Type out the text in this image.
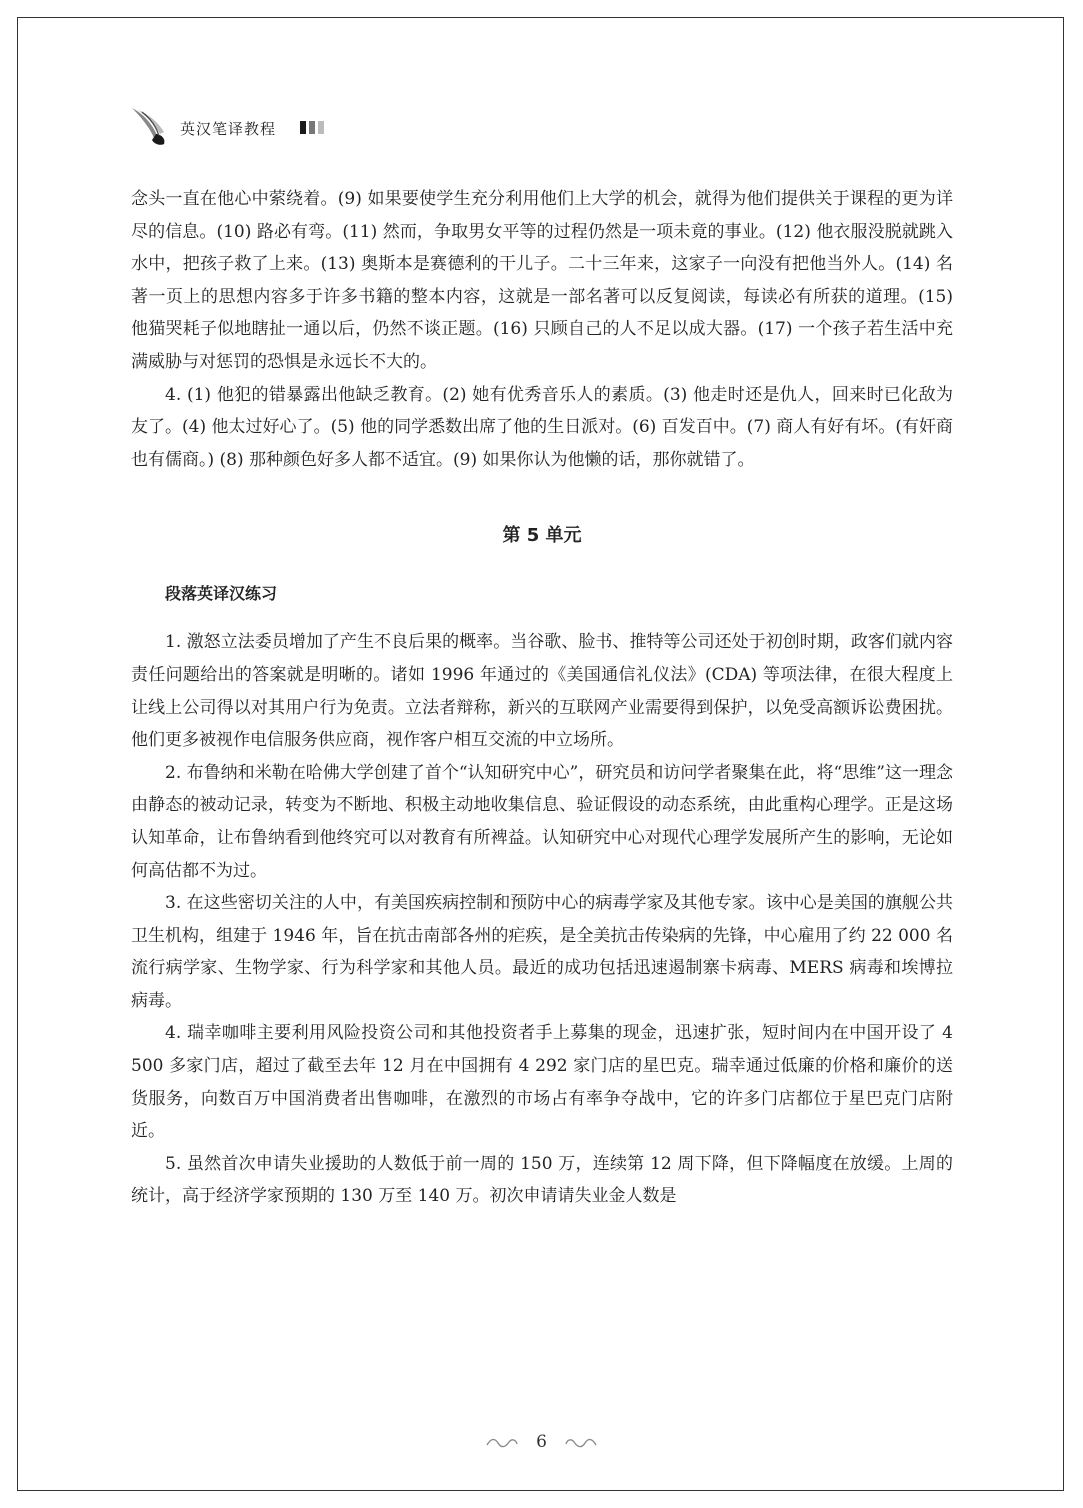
英汉笔译教程

念头一直在他心中萦绕着。(9) 如果要使学生充分利用他们上大学的机会，就得为他们提供关于课程的更为详尽的信息。(10) 路必有弯。(11) 然而，争取男女平等的过程仍然是一项未竟的事业。(12) 他衣服没脱就跳入水中，把孩子救了上来。(13) 奥斯本是赛德利的干儿子。二十三年来，这家子一向没有把他当外人。(14) 名著一页上的思想内容多于许多书籍的整本内容，这就是一部名著可以反复阅读，每读必有所获的道理。(15) 他猫哭耗子似地瞎扯一通以后，仍然不谈正题。(16) 只顾自己的人不足以成大器。(17) 一个孩子若生活中充满威胁与对惩罚的恐惧是永远长不大的。

4. (1) 他犯的错暴露出他缺乏教育。(2) 她有优秀音乐人的素质。(3) 他走时还是仇人，回来时已化敌为友了。(4) 他太过好心了。(5) 他的同学悉数出席了他的生日派对。(6) 百发百中。(7) 商人有好有坏。(有奸商也有儒商。) (8) 那种颜色好多人都不适宜。(9) 如果你认为他懒的话，那你就错了。

第 5 单元
段落英译汉练习

1. 激怒立法委员增加了产生不良后果的概率。当谷歌、脸书、推特等公司还处于初创时期，政客们就内容责任问题给出的答案就是明晰的。诸如 1996 年通过的《美国通信礼仪法》(CDA) 等项法律，在很大程度上让线上公司得以对其用户行为免责。立法者辩称，新兴的互联网产业需要得到保护，以免受高额诉讼费困扰。他们更多被视作电信服务供应商，视作客户相互交流的中立场所。

2. 布鲁纳和米勒在哈佛大学创建了首个“认知研究中心”，研究员和访问学者聚集在此，将“思维”这一理念由静态的被动记录，转变为不断地、积极主动地收集信息、验证假设的动态系统，由此重构心理学。正是这场认知革命，让布鲁纳看到他终究可以对教育有所裨益。认知研究中心对现代心理学发展所产生的影响，无论如何高估都不为过。

3. 在这些密切关注的人中，有美国疾病控制和预防中心的病毒学家及其他专家。该中心是美国的旗舰公共卫生机构，组建于 1946 年，旨在抗击南部各州的疟疾，是全美抗击传染病的先锋，中心雇用了约 22 000 名流行病学家、生物学家、行为科学家和其他人员。最近的成功包括迅速遏制寨卡病毒、MERS 病毒和埃博拉病毒。

4. 瑞幸咖啡主要利用风险投资公司和其他投资者手上募集的现金，迅速扩张，短时间内在中国开设了 4 500 多家门店，超过了截至去年 12 月在中国拥有 4 292 家门店的星巴克。瑞幸通过低廉的价格和廉价的送货服务，向数百万中国消费者出售咖啡，在激烈的市场占有率争夺战中，它的许多门店都位于星巴克门店附近。

5. 虽然首次申请失业援助的人数低于前一周的 150 万，连续第 12 周下降，但下降幅度在放缓。上周的统计，高于经济学家预期的 130 万至 140 万。初次申请请失业金人数是

6
